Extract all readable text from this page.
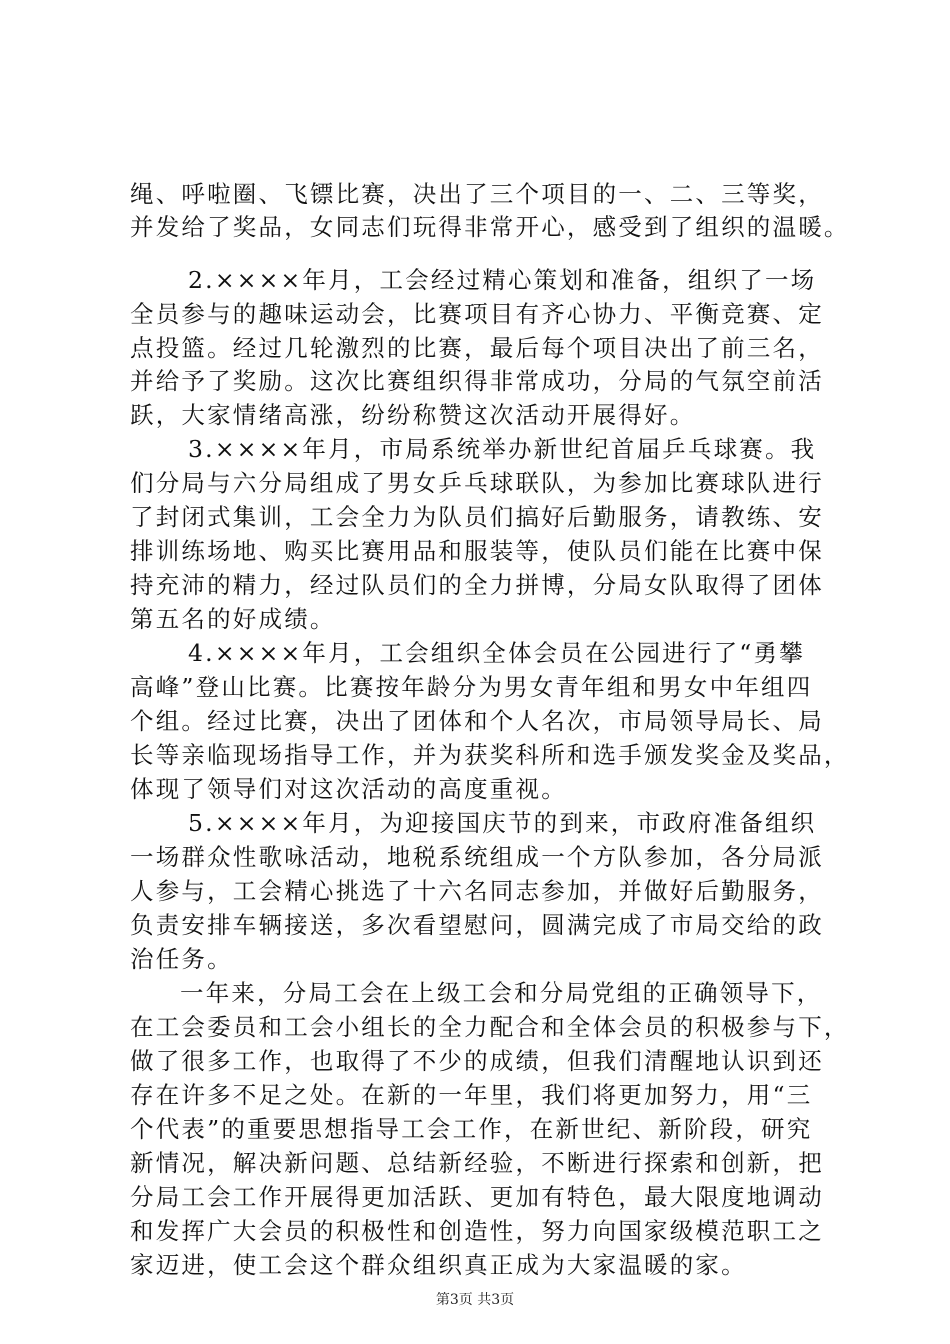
绳、呼啦圈、飞镖比赛，决出了三个项目的一、二、三等奖，
并发给了奖品，女同志们玩得非常开心，感受到了组织的温暖。
2.××××年月，工会经过精心策划和准备，组织了一场
全员参与的趣味运动会，比赛项目有齐心协力、平衡竞赛、定
点投篮。经过几轮激烈的比赛，最后每个项目决出了前三名，
并给予了奖励。这次比赛组织得非常成功，分局的气氛空前活
跃，大家情绪高涨，纷纷称赞这次活动开展得好。
3.××××年月，市局系统举办新世纪首届乒乓球赛。我
们分局与六分局组成了男女乒乓球联队，为参加比赛球队进行
了封闭式集训，工会全力为队员们搞好后勤服务，请教练、安
排训练场地、购买比赛用品和服装等，使队员们能在比赛中保
持充沛的精力，经过队员们的全力拼博，分局女队取得了团体
第五名的好成绩。
4.××××年月，工会组织全体会员在公园进行了“勇攀
高峰”登山比赛。比赛按年龄分为男女青年组和男女中年组四
个组。经过比赛，决出了团体和个人名次，市局领导局长、局
长等亲临现场指导工作，并为获奖科所和选手颁发奖金及奖品，
体现了领导们对这次活动的高度重视。
5.××××年月，为迎接国庆节的到来，市政府准备组织
一场群众性歌咏活动，地税系统组成一个方队参加，各分局派
人参与，工会精心挑选了十六名同志参加，并做好后勤服务，
负责安排车辆接送，多次看望慰问，圆满完成了市局交给的政
治任务。
一年来，分局工会在上级工会和分局党组的正确领导下，
在工会委员和工会小组长的全力配合和全体会员的积极参与下，
做了很多工作，也取得了不少的成绩，但我们清醒地认识到还
存在许多不足之处。在新的一年里，我们将更加努力，用“三
个代表”的重要思想指导工会工作，在新世纪、新阶段，研究
新情况，解决新问题、总结新经验，不断进行探索和创新，把
分局工会工作开展得更加活跃、更加有特色，最大限度地调动
和发挥广大会员的积极性和创造性，努力向国家级模范职工之
家迈进，使工会这个群众组织真正成为大家温暖的家。
第3页 共3页
